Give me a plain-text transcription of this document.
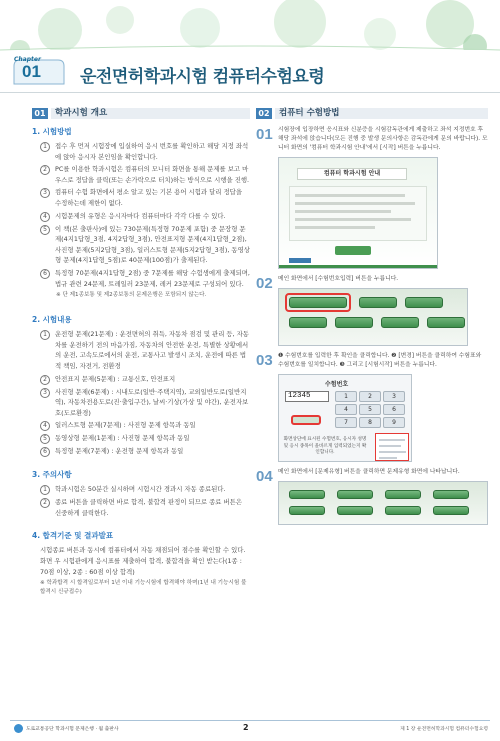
Chapter
01 운전면허학과시험 컴퓨터수험요령
01	학과시험 개요
1. 시험방법
1	접수 후 먼저 시험장에 입실하여 응시 번호를 확인하고 해당 지정 좌석에 앉아 응시자 본인임을 확인합니다.
2	PC를 이용한 학과시험은 컴퓨터의 모니터 화면을 통해 문제를 보고 마우스로 정답을 클릭(또는 손가락으로 터치)하는 방식으로 시행을 진행.
3	컴퓨터 수험 화면에서 평소 알고 있는 기본 용어 시험과 달리 정답을 수정하는데 제한이 없다.
4	시험문제의 유형은 응시자마다 컴퓨터마다 각각 다를 수 있다.
5	이 책(본 출판사)에 있는 730문제(특정형 70문제 포함) 중 문장형 문제(4지1답형_3점, 4지2답형_3점), 안전표지형 문제(4지1답형_2점), 사진형 문제(5지2답형_3점), 일러스트형 문제(5지2답형_3점), 동영상형 문제(4지1답형_5점)로 40문제(100점)가 출제된다.
6	특정형 70문제(4지1답형_2점) 중 7문제를 해당 수험생에게 출제되며, 법규 관련 24문제, 트레일러 23문제, 레커 23문제로 구성되어 있다.
※ 단 제1종보통 및 제2종보통의 문제은행은 포함되지 않는다.
2. 시험내용
1	운전형 문제(21문제) : 운전면허의 취득, 자동차 점검 및 관리 등, 자동차를 운전하기 전의 마음가짐, 자동차의 안전한 운전, 특별한 상황에서의 운전, 고속도로에서의 운전, 교통사고 발생시 조치, 운전에 따른 법적 책임, 자전거, 전환경
2	안전표지 문제(5문제) : 교통신호, 안전표지
3	사진형 문제(6문제) : 시내도로(일반·주택지역), 교외일반도로(일반지역), 자동차전용도로(진·출입구간), 날씨·기상(가상 및 야간), 운전자보호(도로환경)
4	일러스트형 문제(7문제) : 사진형 문제 항목과 동일
5	동영상형 문제(1문제) : 사진형 문제 항목과 동일
6	특정형 문제(7문제) : 운전형 문제 항목과 동일
3. 주의사항
1	학과시험은 50분간 실시하며 시험시간 경과시 자동 종료된다.
2	종료 버튼을 클릭하면 바로 합격, 불합격 판정이 되므로 종료 버튼은 신중하게 클릭한다.
4. 합격기준 및 결과발표
시험종료 버튼과 동시에 컴퓨터에서 자동 채점되어 점수를 확인할 수 있다. 화면 우 시험관에게 응시표를 제출하여 합격, 불합격을 확인 받는다(1종 : 70점 이상, 2종 : 60점 이상 합격)
※ 학과합격 시 합격일로부터 1년 이내 기능시험에 합격해야 하며(1년 내 기능시험 불합격시 신규접수)
02	컴퓨터 수험방법
01 시험장에 입장하면 응시표와 신분증을 시험감독관에게 제출하고 좌석 지정번호 후 해당 좌석에 앉습니다(모든 진행 중 발생 문의사항은 감독관에게 문의 바랍니다). 모니터 화면의 '컴퓨터 학과시험 안내'에서 [시작] 버튼을 누릅니다.
컴퓨터 학과시험 안내
02 메인 화면에서 [수험번호입력] 버튼을 누릅니다.
03 ❶ 수험번호를 입력한 후 확인을 클릭합니다. ❷ [변경] 버튼을 클릭하여 수험표와 수험번호를 일치합니다. ❸ 그리고 [시험시작] 버튼을 누릅니다.
수험번호
12345	1	2	3
4	5	6
7	8	9
화면상단에 표시된 수험번호, 응시자 성명 및 응시 종목이 올바르게 입력되었는지 확인합니다.
04 메인 화면에서 [문제유형] 버튼을 클릭하면 문제유형 화면에 나타납니다.
도로교통공단 학과시험 문제은행 · 월 출판사	2	제 1 장 운전면허학과시험 컴퓨터수험요령
